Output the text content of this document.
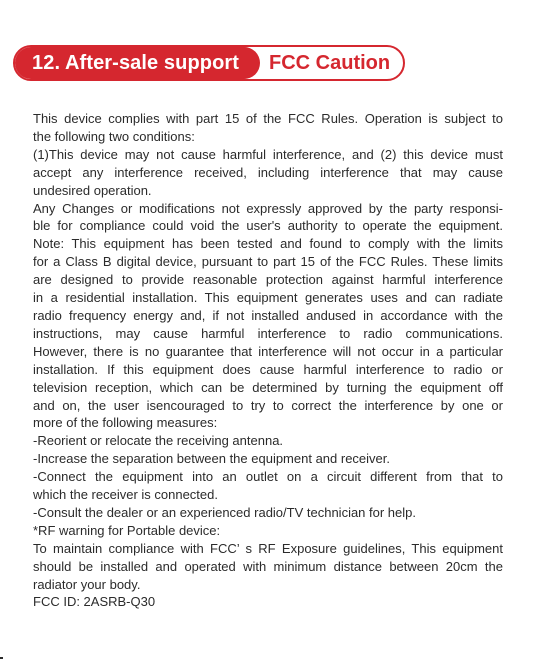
12. After-sale support FCC Caution
This device complies with part 15 of the FCC Rules. Operation is subject to
the following two conditions:
(1)This device may not cause harmful interference, and (2) this device must
accept any interference received, including interference that may cause
undesired operation.
Any Changes or modifications not expressly approved by the party responsi-
ble for compliance could void the user's authority to operate the equipment.
Note: This equipment has been tested and found to comply with the limits
for a Class B digital device, pursuant to part 15 of the FCC Rules. These limits
are designed to provide reasonable protection against harmful interference
in a residential installation. This equipment generates uses and can radiate
radio frequency energy and, if not installed andused in accordance with the
instructions, may cause harmful interference to radio communications.
However, there is no guarantee that interference will not occur in a particular
installation. If this equipment does cause harmful interference to radio or
television reception, which can be determined by turning the equipment off
and on, the user isencouraged to try to correct the interference by one or
more of the following measures:
-Reorient or relocate the receiving antenna.
-Increase the separation between the equipment and receiver.
-Connect the equipment into an outlet on a circuit different from that to
which the receiver is connected.
-Consult the dealer or an experienced radio/TV technician for help.
*RF warning for Portable device:
To maintain compliance with FCC’ s RF Exposure guidelines, This equipment
should be installed and operated with minimum distance between 20cm the
radiator your body.
FCC ID: 2ASRB-Q30
